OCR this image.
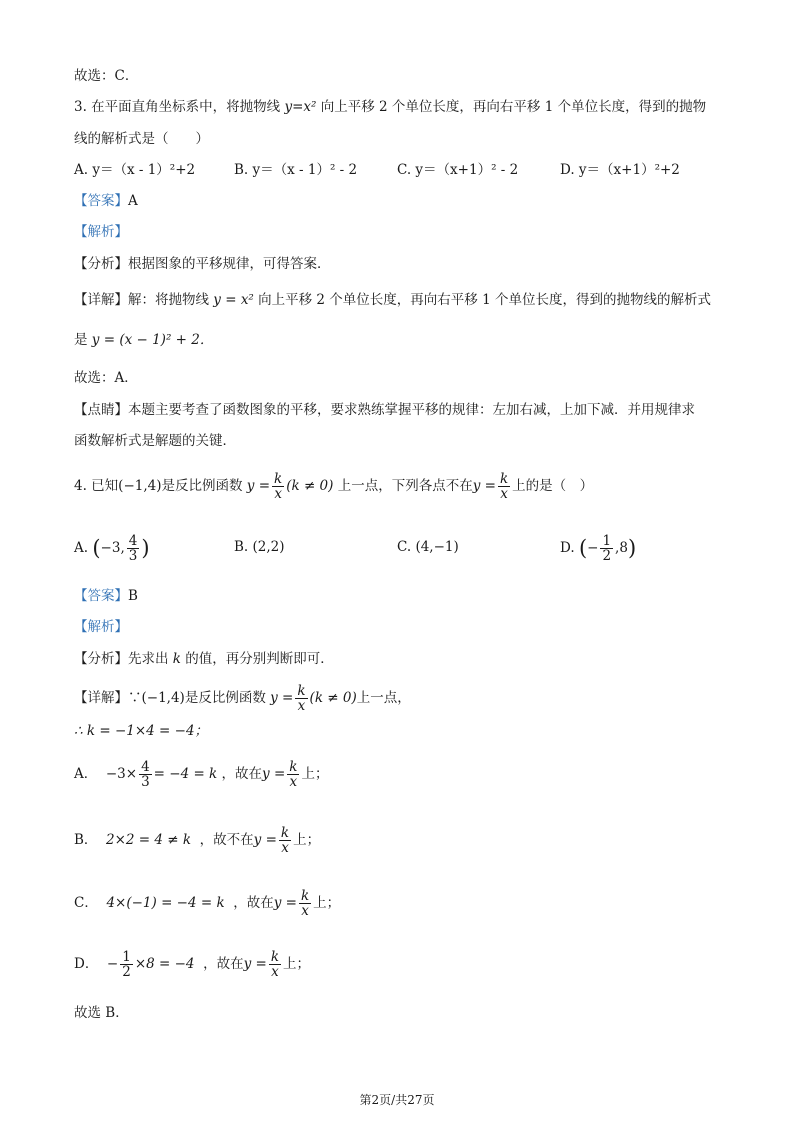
故选：C．
3. 在平面直角坐标系中，将抛物线 y=x² 向上平移 2 个单位长度，再向右平移 1 个单位长度，得到的抛物
线的解析式是（　　）
A. y＝（x - 1）²+2	B. y＝（x - 1）² - 2	C. y＝（x+1）² - 2	D. y＝（x+1）²+2
【答案】A
【解析】
【分析】根据图象的平移规律，可得答案．
【详解】解：将抛物线 y = x² 向上平移 2 个单位长度，再向右平移 1 个单位长度，得到的抛物线的解析式
是 y = (x − 1)² + 2．
故选：A．
【点睛】本题主要考查了函数图象的平移，要求熟练掌握平移的规律：左加右减，上加下减．并用规律求
函数解析式是解题的关键．
4. 已知(−1,4)是反比例函数 $y = \frac{k}{x} (k \ne 0)$ 上一点，下列各点不在$y = \frac{k}{x}$ 上的是（　）
A. (−3, $\frac{4}{3}$ )	B. (2,2)	C. (4,−1)	D. (− $\frac{1}{2} ,8$)
【答案】B
【解析】
【分析】先求出 k 的值，再分别判断即可．
【详解】∵(−1,4)是反比例函数 $y = \frac{k}{x} (k \ne 0)$上一点，
∴ k = −1×4 = −4；
A． $-3\times \frac{4}{3} = -4 = k$ ，故在$y = \frac{k}{x}$ 上；
B． 2×2 = 4 ≠ k ，故不在$y = \frac{k}{x}$ 上；
C． 4×(−1) = −4 = k ，故在$y = \frac{k}{x}$ 上；
D． − $\frac{1}{2} \times 8 = -4$ ，故在$y = \frac{k}{x}$ 上；
故选 B．
第2页/共27页
